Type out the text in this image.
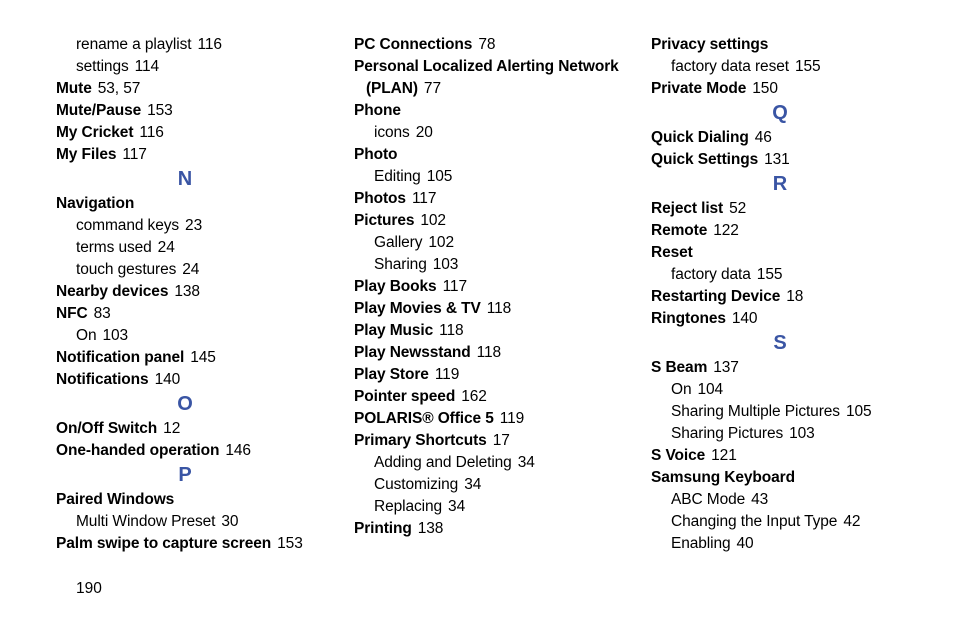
rename a playlist 116
settings 114
Mute 53, 57
Mute/Pause 153
My Cricket 116
My Files 117
N
Navigation
command keys 23
terms used 24
touch gestures 24
Nearby devices 138
NFC 83
On 103
Notification panel 145
Notifications 140
O
On/Off Switch 12
One-handed operation 146
P
Paired Windows
Multi Window Preset 30
Palm swipe to capture screen 153
PC Connections 78
Personal Localized Alerting Network
(PLAN) 77
Phone
icons 20
Photo
Editing 105
Photos 117
Pictures 102
Gallery 102
Sharing 103
Play Books 117
Play Movies & TV 118
Play Music 118
Play Newsstand 118
Play Store 119
Pointer speed 162
POLARIS® Office 5 119
Primary Shortcuts 17
Adding and Deleting 34
Customizing 34
Replacing 34
Printing 138
Privacy settings
factory data reset 155
Private Mode 150
Q
Quick Dialing 46
Quick Settings 131
R
Reject list 52
Remote 122
Reset
factory data 155
Restarting Device 18
Ringtones 140
S
S Beam 137
On 104
Sharing Multiple Pictures 105
Sharing Pictures 103
S Voice 121
Samsung Keyboard
ABC Mode 43
Changing the Input Type 42
Enabling 40
190
